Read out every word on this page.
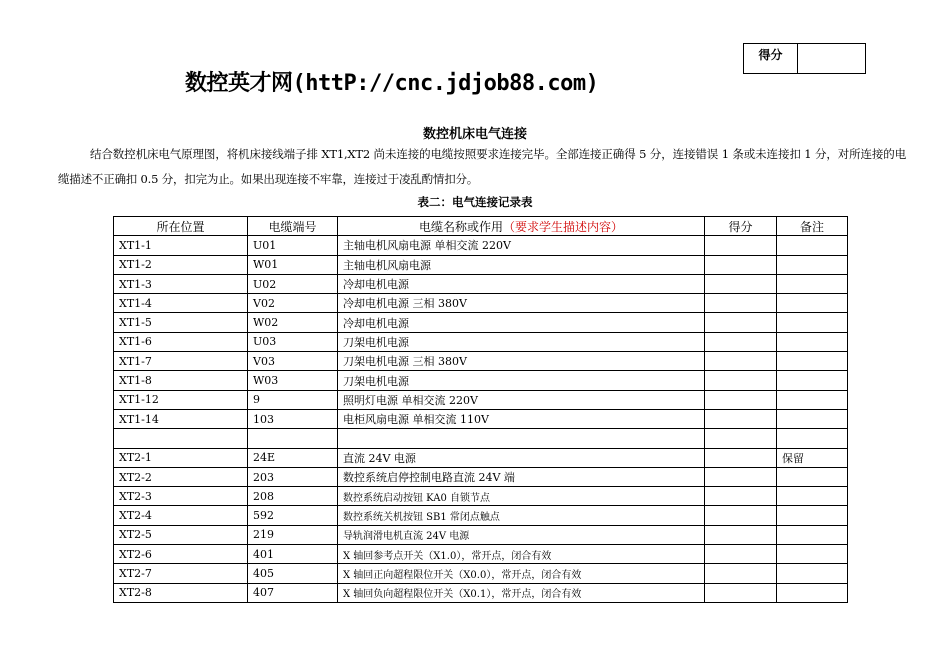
得分
数控英才网(httP://cnc.jdjob88.com)
数控机床电气连接
结合数控机床电气原理图，将机床接线端子排 XT1,XT2 尚未连接的电缆按照要求连接完毕。全部连接正确得 5 分，连接错误 1 条或未连接扣 1 分，对所连接的电缆描述不正确扣 0.5 分，扣完为止。如果出现连接不牢靠，连接过于凌乱酌情扣分。
表二：电气连接记录表
所在位置	电缆端号	电缆名称或作用（要求学生描述内容）	得分	备注
XT1-1	U01	主轴电机风扇电源 单相交流 220V		
XT1-2	W01	主轴电机风扇电源		
XT1-3	U02	冷却电机电源		
XT1-4	V02	冷却电机电源 三相 380V		
XT1-5	W02	冷却电机电源		
XT1-6	U03	刀架电机电源		
XT1-7	V03	刀架电机电源 三相 380V		
XT1-8	W03	刀架电机电源		
XT1-12	9	照明灯电源 单相交流 220V		
XT1-14	103	电柜风扇电源 单相交流 110V		

XT2-1	24E	直流 24V 电源		保留
XT2-2	203	数控系统启停控制电路直流 24V 端		
XT2-3	208	数控系统启动按钮 KA0 自锁节点		
XT2-4	592	数控系统关机按钮 SB1 常闭点触点		
XT2-5	219	导轨润滑电机直流 24V 电源		
XT2-6	401	X 轴回参考点开关（X1.0），常开点，闭合有效		
XT2-7	405	X 轴回正向超程限位开关（X0.0），常开点，闭合有效		
XT2-8	407	X 轴回负向超程限位开关（X0.1），常开点，闭合有效		
